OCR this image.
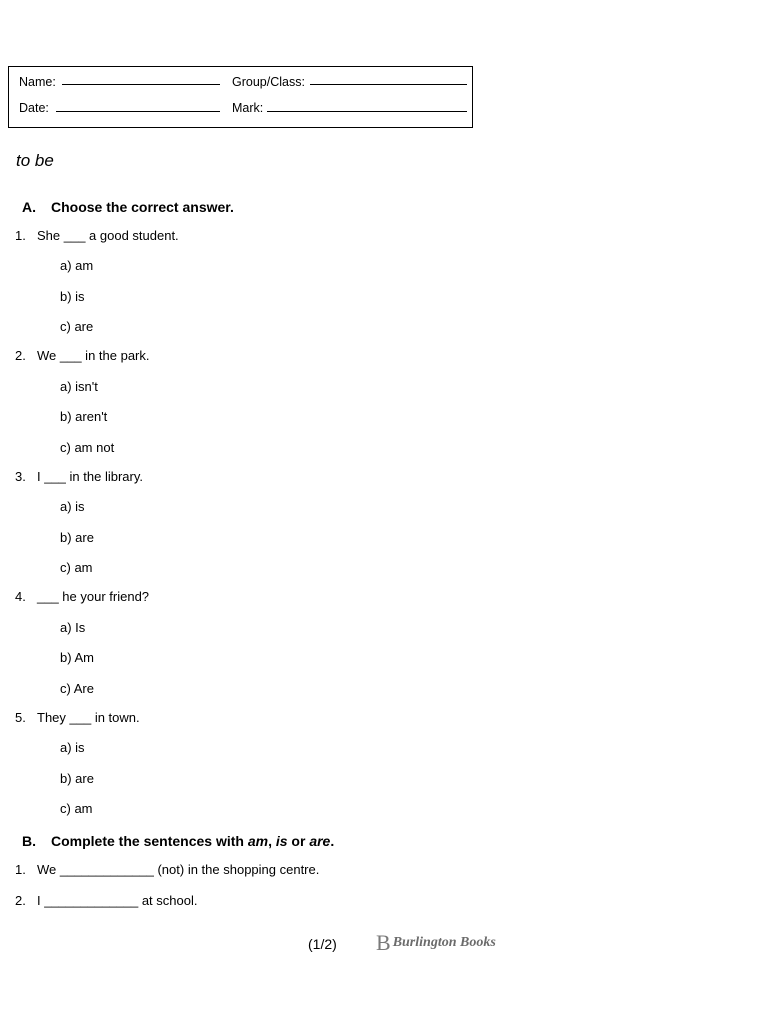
Name:	Group/Class:
Date:	Mark:
to be
A. Choose the correct answer.
1. She ___ a good student.
a) am
b) is
c) are
2. We ___ in the park.
a) isn't
b) aren't
c) am not
3. I ___ in the library.
a) is
b) are
c) am
4. ___ he your friend?
a) Is
b) Am
c) Are
5. They ___ in town.
a) is
b) are
c) am
B. Complete the sentences with am, is or are.
1. We _____________ (not) in the shopping centre.
2. I _____________ at school.
(1/2) B Burlington Books
